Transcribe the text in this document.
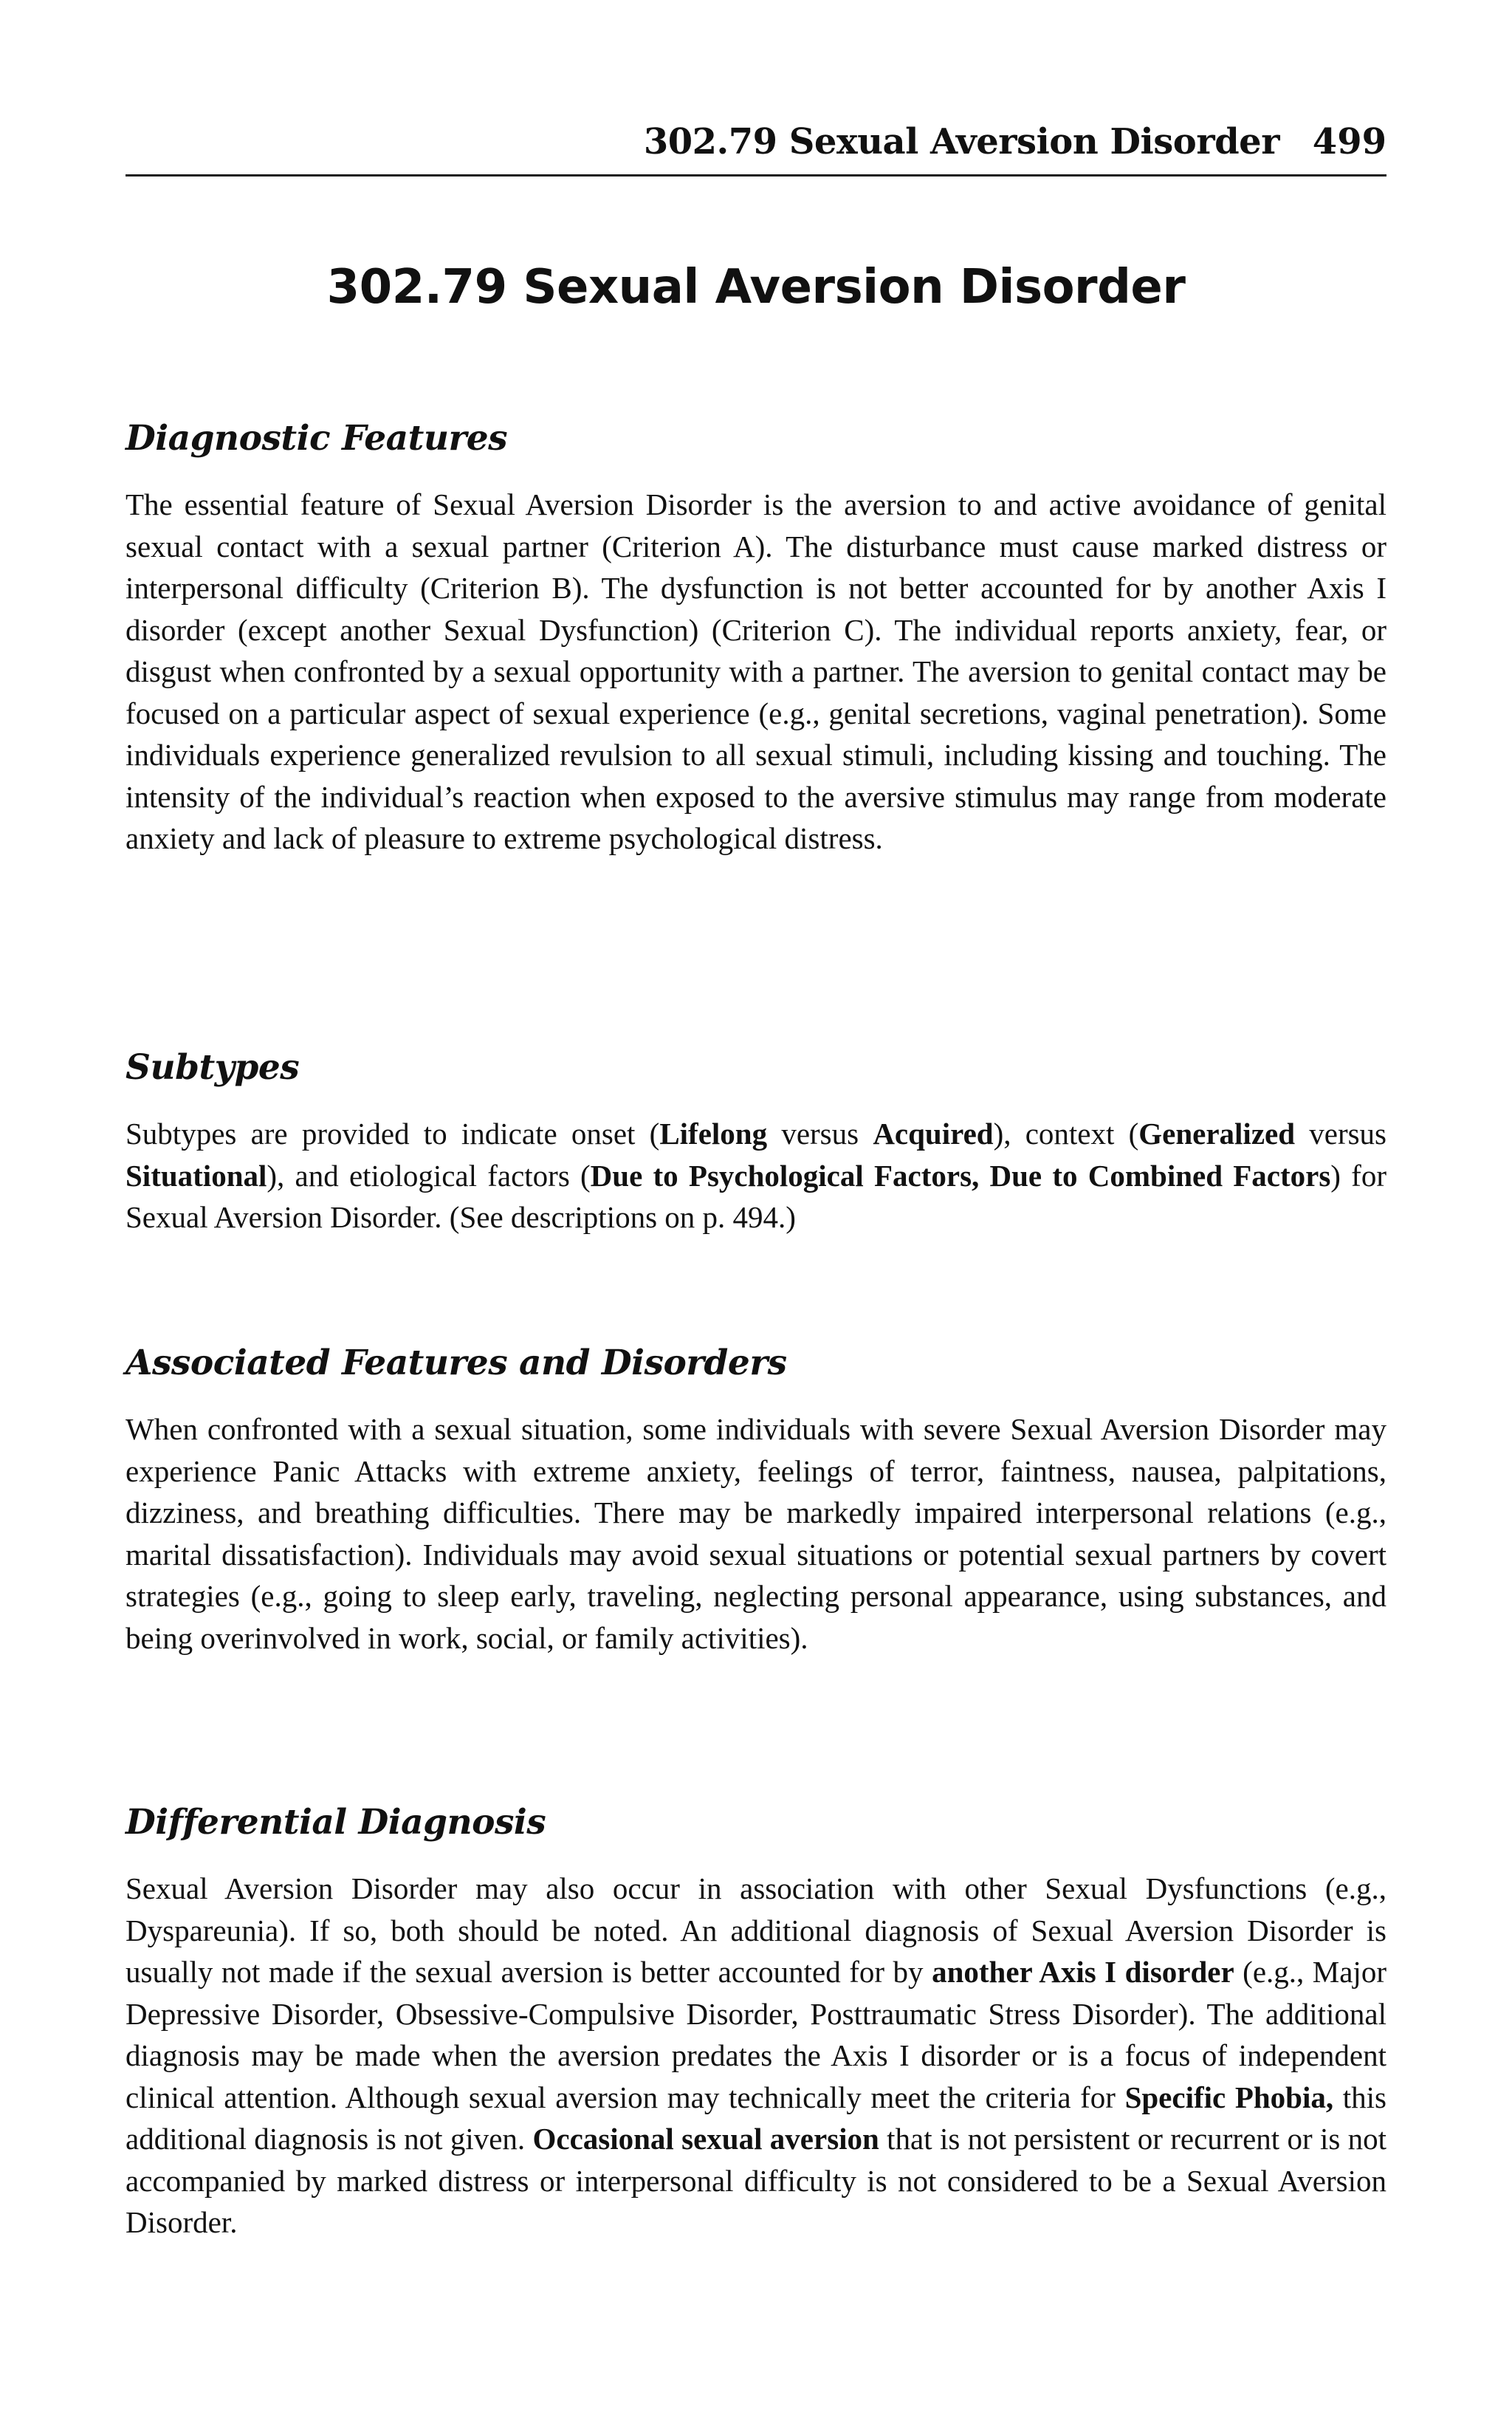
302.79 Sexual Aversion Disorder 499
302.79 Sexual Aversion Disorder
Diagnostic Features

The essential feature of Sexual Aversion Disorder is the aversion to and active avoidance of genital sexual contact with a sexual partner (Criterion A). The disturbance must cause marked distress or interpersonal difficulty (Criterion B). The dysfunction is not better accounted for by another Axis I disorder (except another Sexual Dysfunction) (Criterion C). The individual reports anxiety, fear, or disgust when confronted by a sexual opportunity with a partner. The aversion to genital contact may be focused on a particular aspect of sexual experience (e.g., genital secretions, vaginal penetration). Some individuals experience generalized revulsion to all sexual stimuli, including kissing and touching. The intensity of the individual’s reaction when exposed to the aversive stimulus may range from moderate anxiety and lack of pleasure to extreme psychological distress.

Subtypes

Subtypes are provided to indicate onset (Lifelong versus Acquired), context (Generalized versus Situational), and etiological factors (Due to Psychological Factors, Due to Combined Factors) for Sexual Aversion Disorder. (See descriptions on p. 494.)

Associated Features and Disorders

When confronted with a sexual situation, some individuals with severe Sexual Aversion Disorder may experience Panic Attacks with extreme anxiety, feelings of terror, faintness, nausea, palpitations, dizziness, and breathing difficulties. There may be markedly impaired interpersonal relations (e.g., marital dissatisfaction). Individuals may avoid sexual situations or potential sexual partners by covert strategies (e.g., going to sleep early, traveling, neglecting personal appearance, using substances, and being overinvolved in work, social, or family activities).

Differential Diagnosis

Sexual Aversion Disorder may also occur in association with other Sexual Dysfunctions (e.g., Dyspareunia). If so, both should be noted. An additional diagnosis of Sexual Aversion Disorder is usually not made if the sexual aversion is better accounted for by another Axis I disorder (e.g., Major Depressive Disorder, Obsessive-Compulsive Disorder, Posttraumatic Stress Disorder). The additional diagnosis may be made when the aversion predates the Axis I disorder or is a focus of independent clinical attention. Although sexual aversion may technically meet the criteria for Specific Phobia, this additional diagnosis is not given. Occasional sexual aversion that is not persistent or recurrent or is not accompanied by marked distress or interpersonal difficulty is not considered to be a Sexual Aversion Disorder.
